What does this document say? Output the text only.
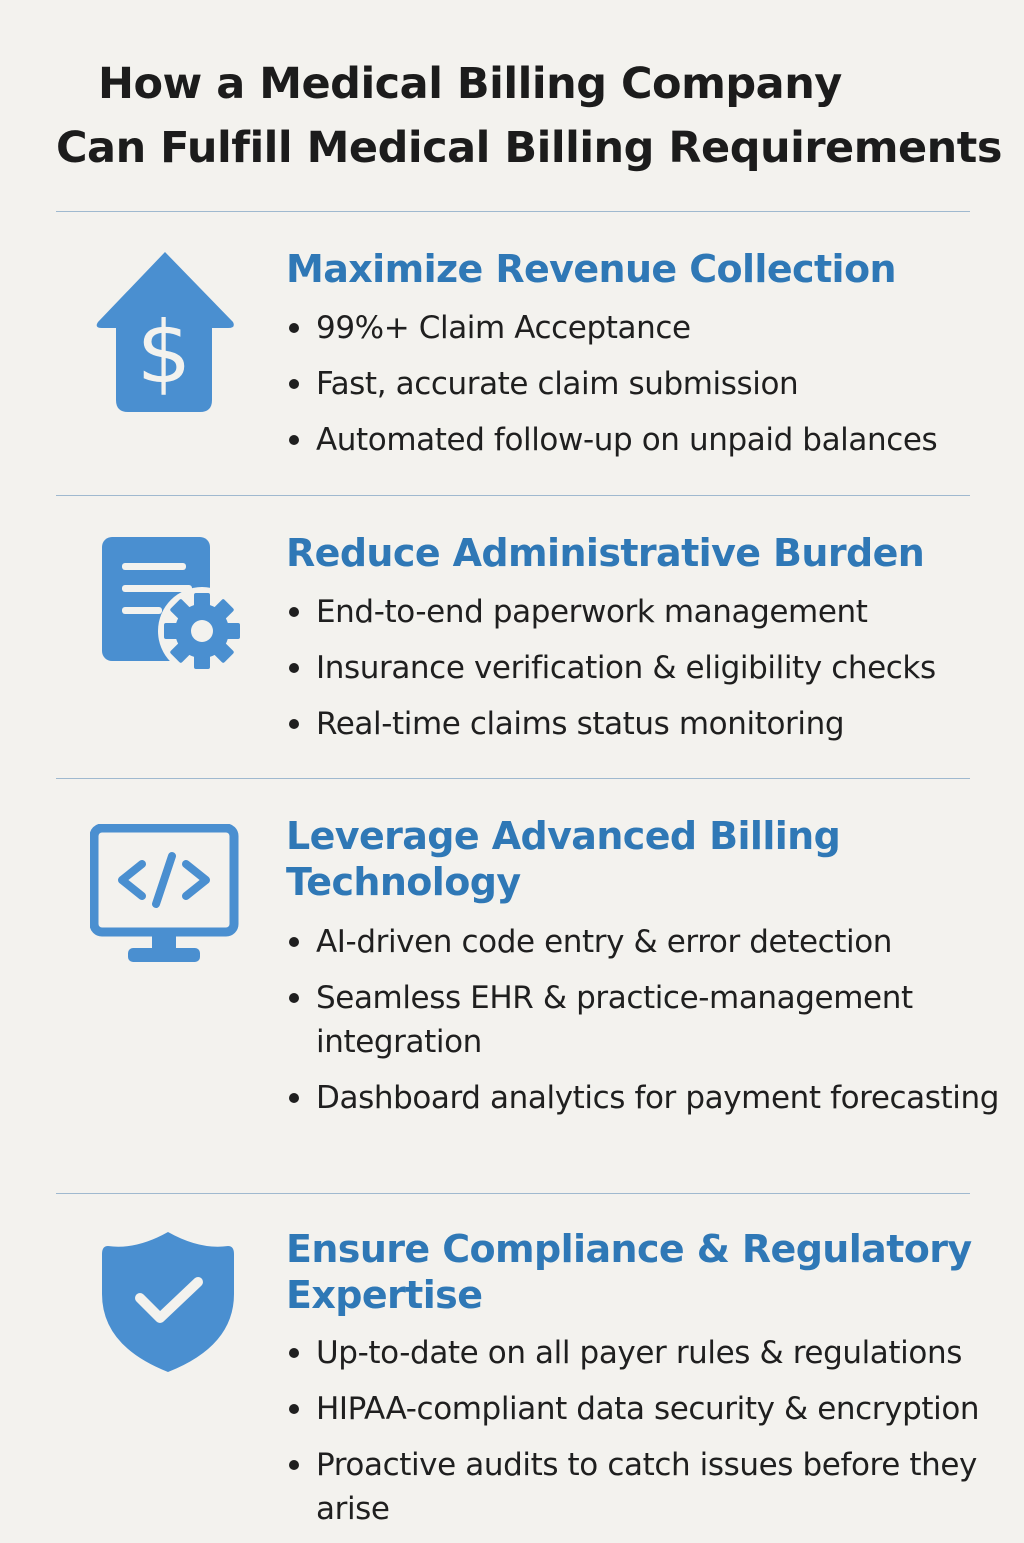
How a Medical Billing Company
Can Fulfill Medical Billing Requirements
$
Maximize Revenue Collection
99%+ Claim Acceptance
Fast, accurate claim submission
Automated follow-up on unpaid balances
Reduce Administrative Burden
End-to-end paperwork management
Insurance verification & eligibility checks
Real-time claims status monitoring
Leverage Advanced Billing Technology
AI-driven code entry & error detection
Seamless EHR & practice-management integration
Dashboard analytics for payment forecasting
Ensure Compliance & Regulatory Expertise
Up-to-date on all payer rules & regulations
HIPAA-compliant data security & encryption
Proactive audits to catch issues before they arise
